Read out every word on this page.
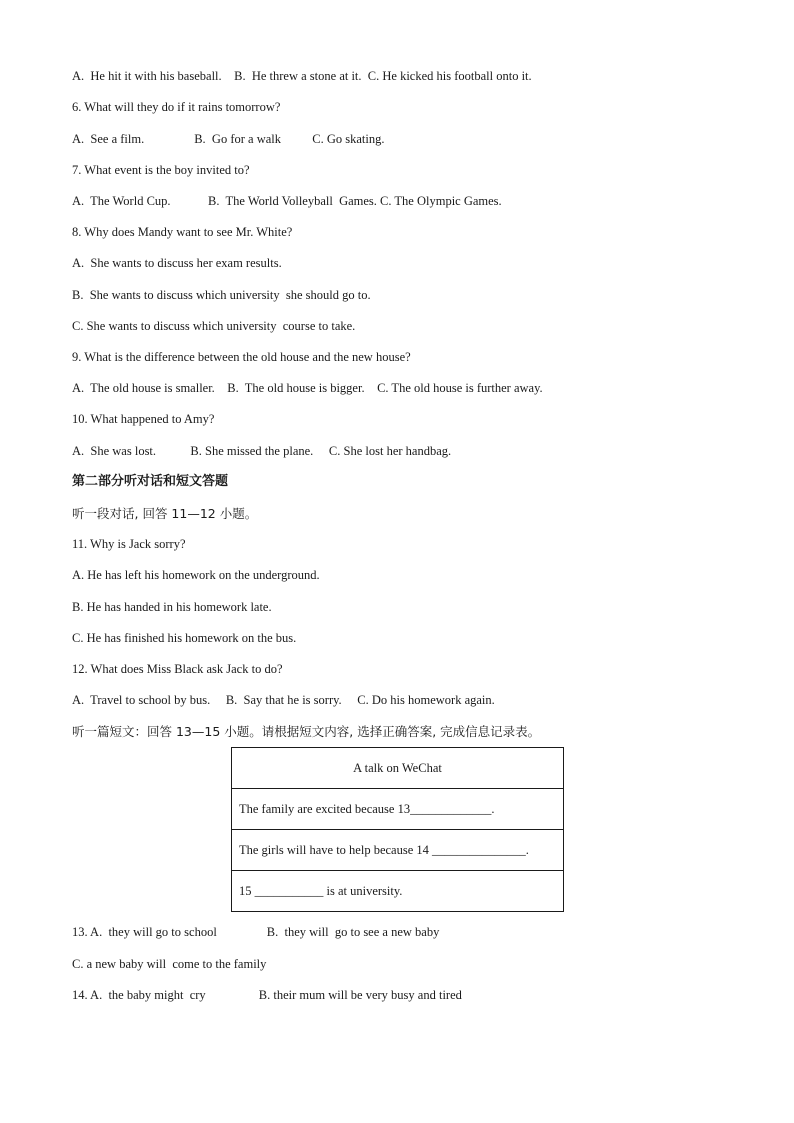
A.  He hit it with his baseball.    B.  He threw a stone at it.  C. He kicked his football onto it.

6. What will they do if it rains tomorrow?

A.  See a film.                B.  Go for a walk          C. Go skating.

7. What event is the boy invited to?

A.  The World Cup.            B.  The World Volleyball  Games. C. The Olympic Games.

8. Why does Mandy want to see Mr. White?

A.  She wants to discuss her exam results.

B.  She wants to discuss which university  she should go to.

C. She wants to discuss which university  course to take.

9. What is the difference between the old house and the new house?

A.  The old house is smaller.    B.  The old house is bigger.    C. The old house is further away.

10. What happened to Amy?

A.  She was lost.           B. She missed the plane.     C. She lost her handbag.

第二部分听对话和短文答题

听一段对话, 回答 11—12 小题。

11. Why is Jack sorry?

A. He has left his homework on the underground.

B. He has handed in his homework late.

C. He has finished his homework on the bus.

12. What does Miss Black ask Jack to do?

A.  Travel to school by bus.     B.  Say that he is sorry.     C. Do his homework again.

听一篇短文：回答 13—15 小题。请根据短文内容, 选择正确答案, 完成信息记录表。

A talk on WeChat
The family are excited because 13_____________.
The girls will have to help because 14 _______________.
15 ___________ is at university.

13. A.  they will go to school                B.  they will  go to see a new baby

C. a new baby will  come to the family

14. A.  the baby might  cry                 B. their mum will be very busy and tired
